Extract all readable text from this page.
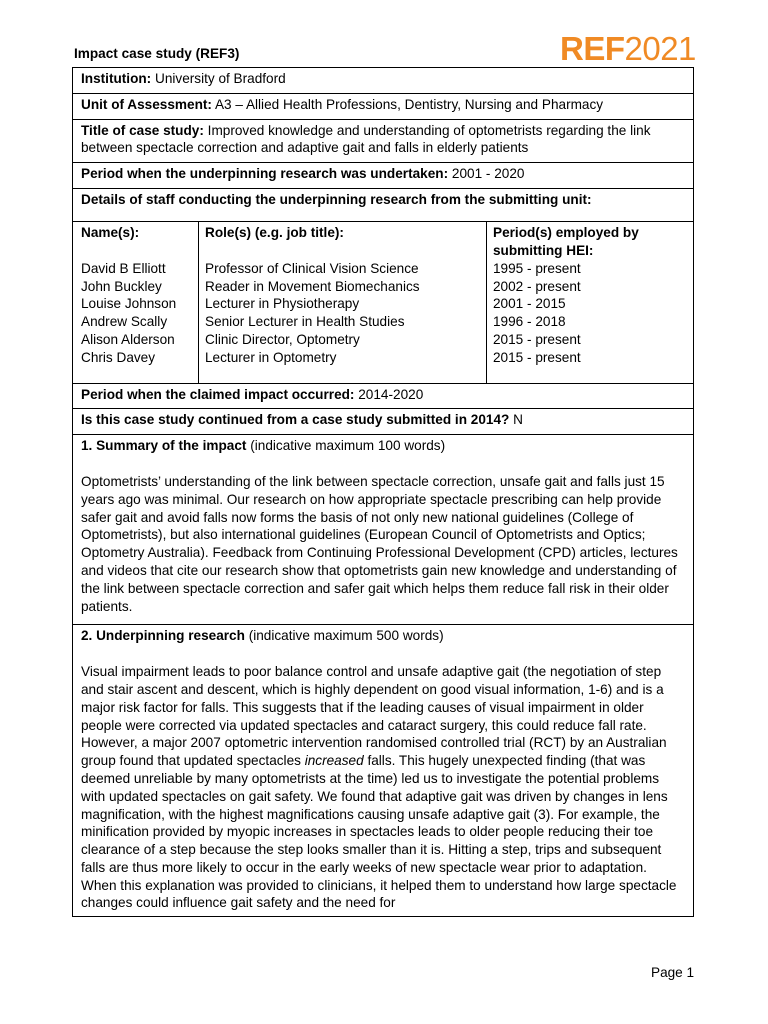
Impact case study (REF3)	REF2021
Institution: University of Bradford
Unit of Assessment: A3 – Allied Health Professions, Dentistry, Nursing and Pharmacy
Title of case study: Improved knowledge and understanding of optometrists regarding the link between spectacle correction and adaptive gait and falls in elderly patients
Period when the underpinning research was undertaken: 2001 - 2020
Details of staff conducting the underpinning research from the submitting unit:
Name(s):
David B Elliott
John Buckley
Louise Johnson
Andrew Scally
Alison Alderson
Chris Davey
Role(s) (e.g. job title):
Professor of Clinical Vision Science
Reader in Movement Biomechanics
Lecturer in Physiotherapy
Senior Lecturer in Health Studies
Clinic Director, Optometry
Lecturer in Optometry
Period(s) employed by submitting HEI:
1995 - present
2002 - present
2001 - 2015
1996 - 2018
2015 - present
2015 - present
Period when the claimed impact occurred: 2014-2020
Is this case study continued from a case study submitted in 2014? N
1. Summary of the impact (indicative maximum 100 words)
Optometrists’ understanding of the link between spectacle correction, unsafe gait and falls just 15 years ago was minimal. Our research on how appropriate spectacle prescribing can help provide safer gait and avoid falls now forms the basis of not only new national guidelines (College of Optometrists), but also international guidelines (European Council of Optometrists and Optics; Optometry Australia). Feedback from Continuing Professional Development (CPD) articles, lectures and videos that cite our research show that optometrists gain new knowledge and understanding of the link between spectacle correction and safer gait which helps them reduce fall risk in their older patients.
2. Underpinning research (indicative maximum 500 words)
Visual impairment leads to poor balance control and unsafe adaptive gait (the negotiation of step and stair ascent and descent, which is highly dependent on good visual information, 1-6) and is a major risk factor for falls. This suggests that if the leading causes of visual impairment in older people were corrected via updated spectacles and cataract surgery, this could reduce fall rate. However, a major 2007 optometric intervention randomised controlled trial (RCT) by an Australian group found that updated spectacles increased falls. This hugely unexpected finding (that was deemed unreliable by many optometrists at the time) led us to investigate the potential problems with updated spectacles on gait safety. We found that adaptive gait was driven by changes in lens magnification, with the highest magnifications causing unsafe adaptive gait (3). For example, the minification provided by myopic increases in spectacles leads to older people reducing their toe clearance of a step because the step looks smaller than it is. Hitting a step, trips and subsequent falls are thus more likely to occur in the early weeks of new spectacle wear prior to adaptation. When this explanation was provided to clinicians, it helped them to understand how large spectacle changes could influence gait safety and the need for
Page 1
